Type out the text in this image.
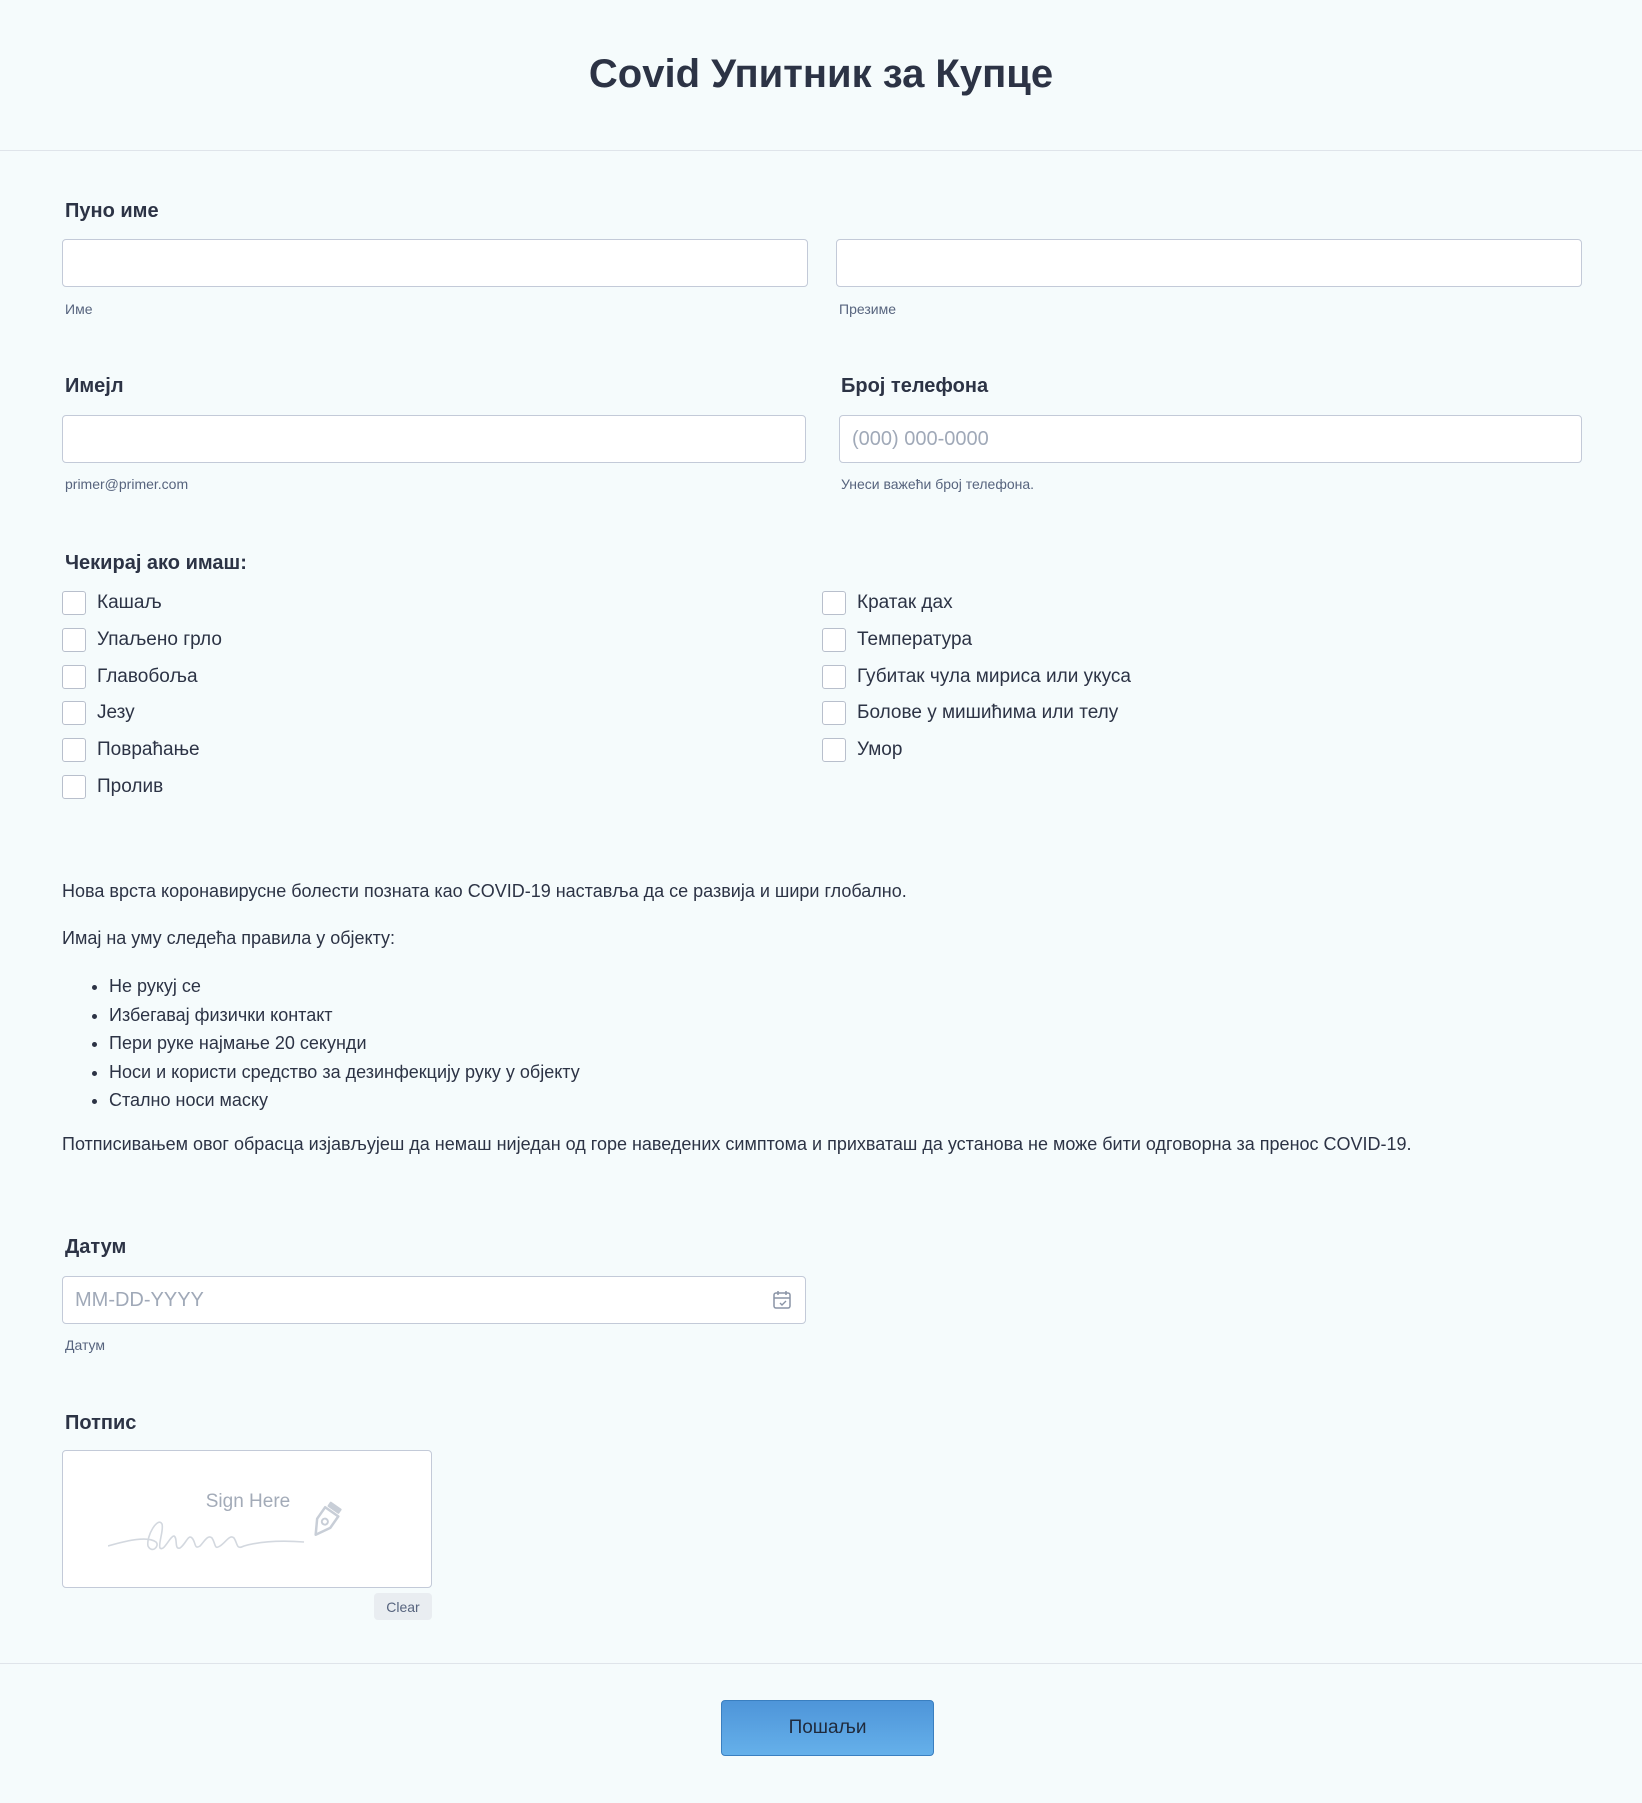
Covid Упитник за Купце
Пуно име
Име	Презиме
Имејл
primer@primer.com
Број телефона
(000) 000-0000
Унеси важећи број телефона.
Чекирај ако имаш:
Кашаљ
Упаљено грло
Главобоља
Језу
Повраћање
Пролив
Кратак дах
Температура
Губитак чула мириса или укуса
Болове у мишићима или телу
Умор
Нова врста коронавирусне болести позната као COVID-19 наставља да се развија и шири глобално.
Имај на уму следећа правила у објекту:
• Не рукуј се
• Избегавај физички контакт
• Пери руке најмање 20 секунди
• Носи и користи средство за дезинфекцију руку у објекту
• Стално носи маску
Потписивањем овог обрасца изјављујеш да немаш ниједан од горе наведених симптома и прихваташ да установа не може бити одговорна за пренос COVID-19.
Датум
MM-DD-YYYY
Датум
Потпис
Sign Here
Clear
Пошаљи
